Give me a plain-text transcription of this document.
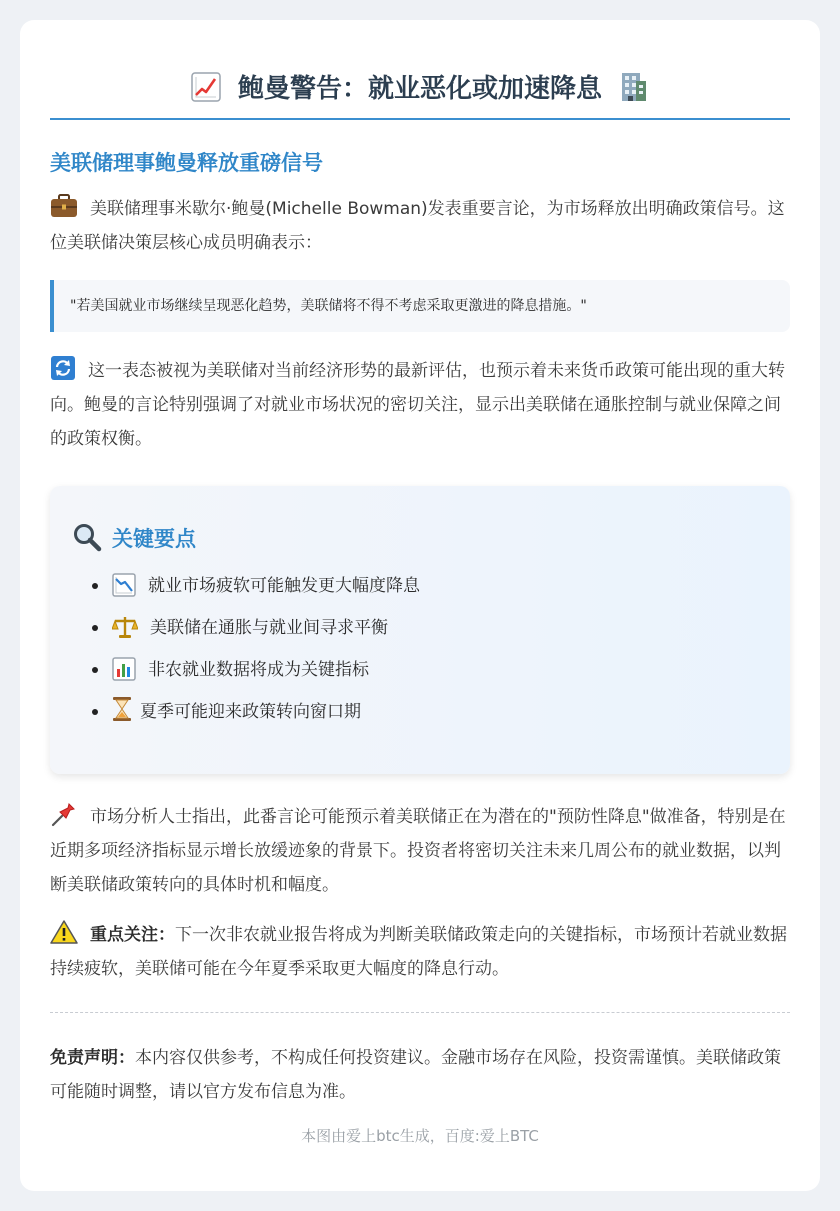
鲍曼警告：就业恶化或加速降息
美联储理事鲍曼释放重磅信号

美联储理事米歇尔·鲍曼(Michelle Bowman)发表重要言论，为市场释放出明确政策信号。这位美联储决策层核心成员明确表示：

"若美国就业市场继续呈现恶化趋势，美联储将不得不考虑采取更激进的降息措施。"

这一表态被视为美联储对当前经济形势的最新评估，也预示着未来货币政策可能出现的重大转向。鲍曼的言论特别强调了对就业市场状况的密切关注，显示出美联储在通胀控制与就业保障之间的政策权衡。

关键要点
就业市场疲软可能触发更大幅度降息
美联储在通胀与就业间寻求平衡
非农就业数据将成为关键指标
夏季可能迎来政策转向窗口期

市场分析人士指出，此番言论可能预示着美联储正在为潜在的"预防性降息"做准备，特别是在近期多项经济指标显示增长放缓迹象的背景下。投资者将密切关注未来几周公布的就业数据，以判断美联储政策转向的具体时机和幅度。

重点关注：下一次非农就业报告将成为判断美联储政策走向的关键指标，市场预计若就业数据持续疲软，美联储可能在今年夏季采取更大幅度的降息行动。

免责声明：本内容仅供参考，不构成任何投资建议。金融市场存在风险，投资需谨慎。美联储政策可能随时调整，请以官方发布信息为准。

本图由爱上btc生成，百度:爱上BTC
